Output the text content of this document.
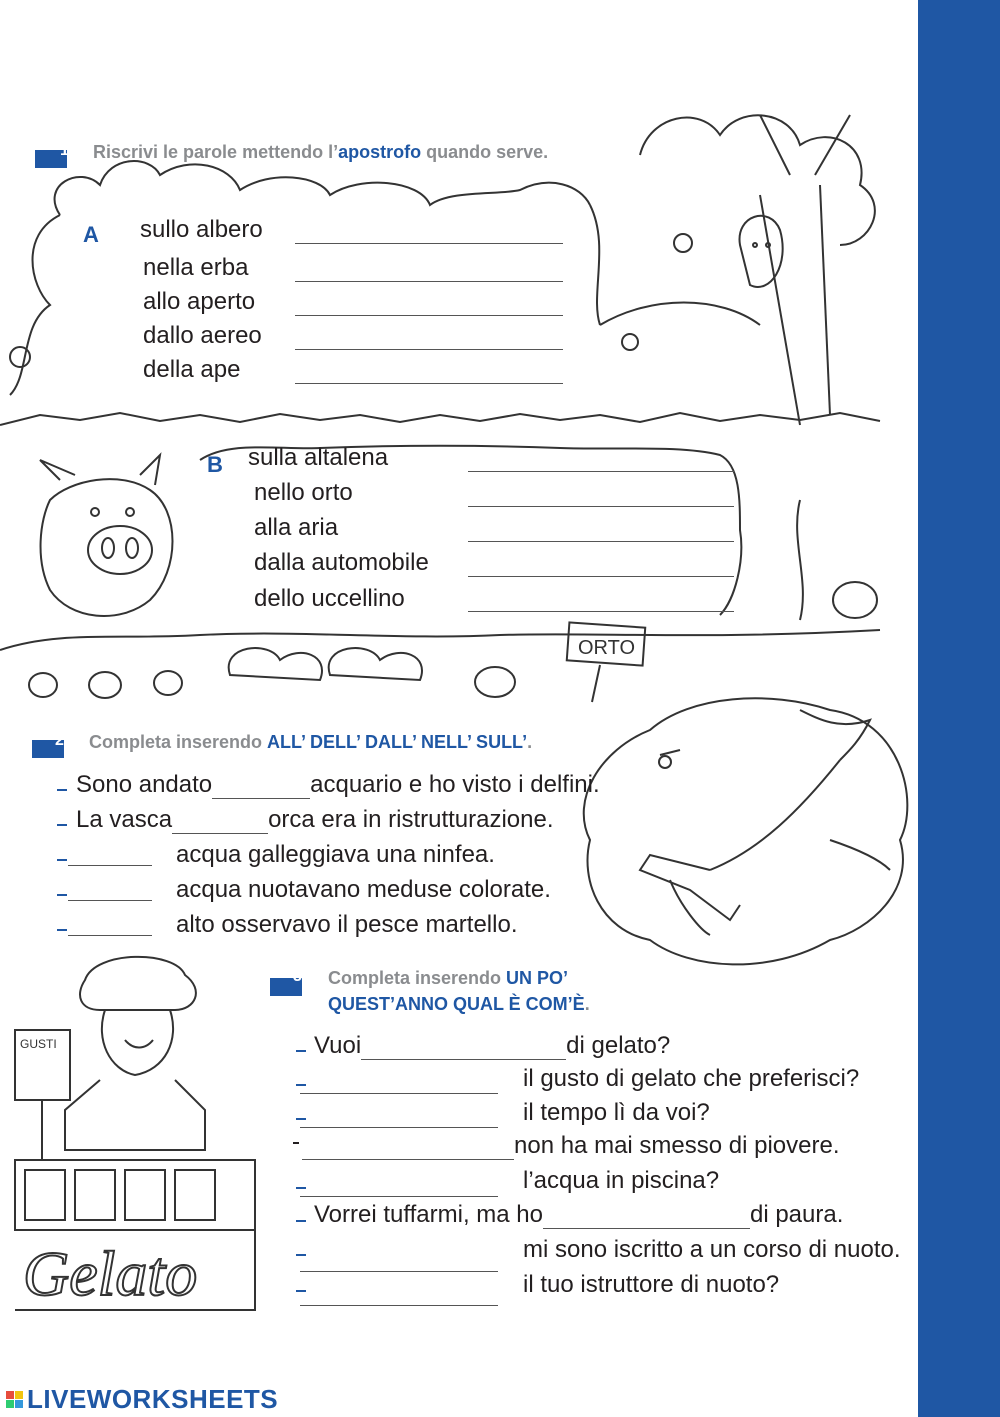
ORTO
GUSTI
Gelato
1 Riscrivi le parole mettendo l’apostrofo quando serve.
A sullo albero
nella erba
allo aperto
dallo aereo
della ape
B sulla altalena
nello orto
alla aria
dalla automobile
dello uccellino
2 Completa inserendo ALL’ DELL’ DALL’ NELL’ SULL’.
Sono andato	acquario e ho visto i delfini.
La vasca	orca era in ristrutturazione.
acqua galleggiava una ninfea.
acqua nuotavano meduse colorate.
alto osservavo il pesce martello.
3 Completa inserendo UN PO’
QUEST’ANNO QUAL È COM’È.
Vuoi	di gelato?
il gusto di gelato che preferisci?
il tempo lì da voi?
non ha mai smesso di piovere.
l’acqua in piscina?
Vorrei tuffarmi, ma ho	di paura.
mi sono iscritto a un corso di nuoto.
il tuo istruttore di nuoto?
LIVEWORKSHEETS
